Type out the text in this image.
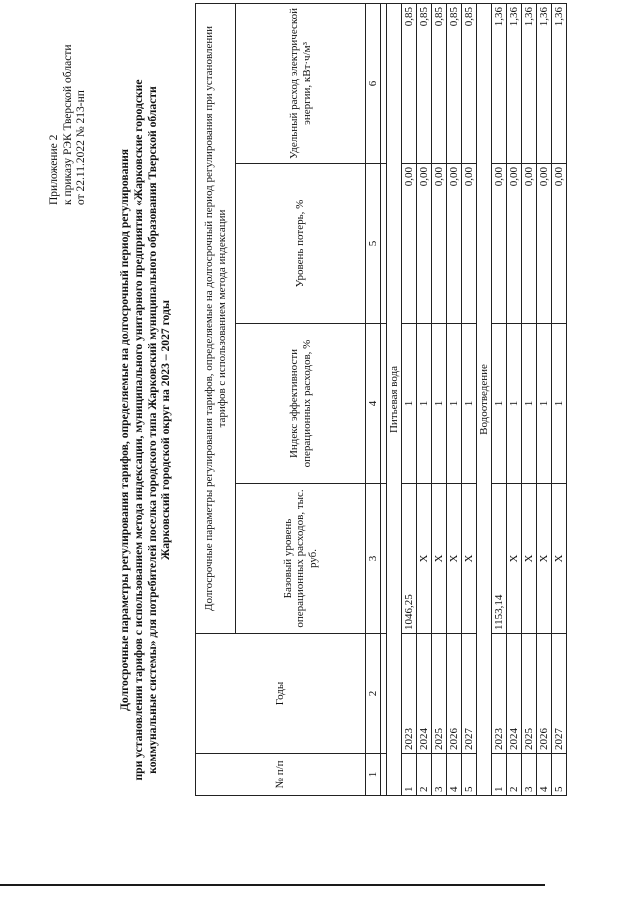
Приложение 2 к приказу РЭК Тверской области от 22.11.2022 № 213-нп
Долгосрочные параметры регулирования тарифов, определяемые на долгосрочный период регулирования при установлении тарифов с использованием метода индексации, муниципального унитарного предприятия «Жарковские городские коммунальные системы» для потребителей поселка городского типа Жарковский муниципального образования Тверской области Жарковский городской округ на 2023 – 2027 годы
№ п/п	Годы	Долгосрочные параметры регулирования тарифов, определяемые на долгосрочный период регулирования при установлении тарифов с использованием метода индексации			
		Базовый уровень операционных расходов, тыс. руб.	Индекс эффективности операционных расходов, %	Уровень потерь, %	Удельный расход электрической энергии, кВт·ч/м³
1	2	3	4	5	6

Питьевая вода					
1	2023	1046,25	1	0,00	0,85
2	2024	X	1	0,00	0,85
3	2025	X	1	0,00	0,85
4	2026	X	1	0,00	0,85
5	2027	X	1	0,00	0,85
Водоотведение					
1	2023	1153,14	1	0,00	1,36
2	2024	X	1	0,00	1,36
3	2025	X	1	0,00	1,36
4	2026	X	1	0,00	1,36
5	2027	X	1	0,00	1,36
